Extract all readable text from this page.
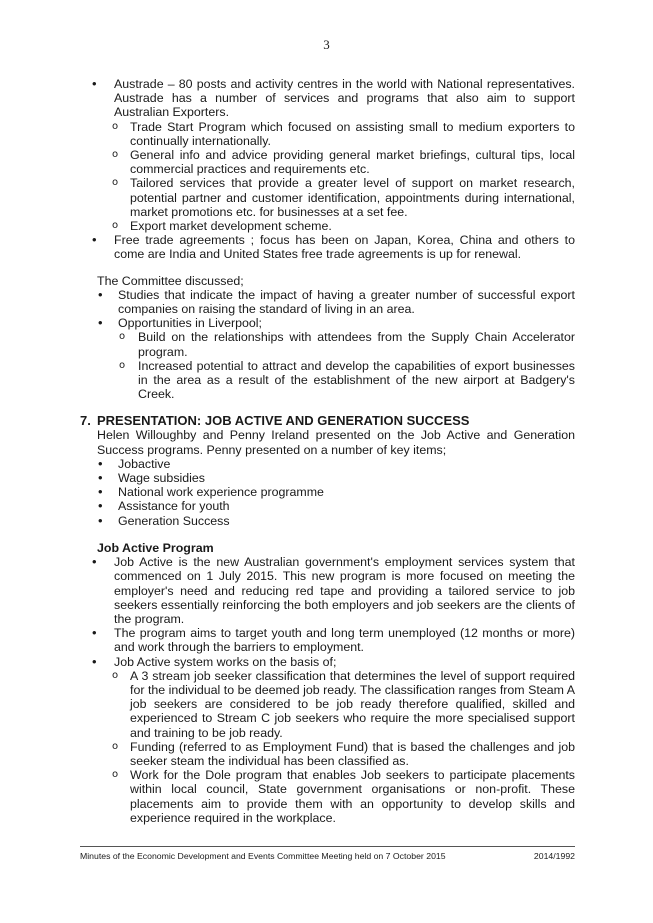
3
• Austrade – 80 posts and activity centres in the world with National representatives. Austrade has a number of services and programs that also aim to support Australian Exporters.
o Trade Start Program which focused on assisting small to medium exporters to continually internationally.
o General info and advice providing general market briefings, cultural tips, local commercial practices and requirements etc.
o Tailored services that provide a greater level of support on market research, potential partner and customer identification, appointments during international, market promotions etc. for businesses at a set fee.
o Export market development scheme.
• Free trade agreements ; focus has been on Japan, Korea, China and others to come are India and United States free trade agreements is up for renewal.
The Committee discussed;
• Studies that indicate the impact of having a greater number of successful export companies on raising the standard of living in an area.
• Opportunities in Liverpool;
o Build on the relationships with attendees from the Supply Chain Accelerator program.
o Increased potential to attract and develop the capabilities of export businesses in the area as a result of the establishment of the new airport at Badgery's Creek.
7. PRESENTATION: JOB ACTIVE AND GENERATION SUCCESS
Helen Willoughby and Penny Ireland presented on the Job Active and Generation Success programs. Penny presented on a number of key items;
• Jobactive
• Wage subsidies
• National work experience programme
• Assistance for youth
• Generation Success
Job Active Program
• Job Active is the new Australian government's employment services system that commenced on 1 July 2015. This new program is more focused on meeting the employer's need and reducing red tape and providing a tailored service to job seekers essentially reinforcing the both employers and job seekers are the clients of the program.
• The program aims to target youth and long term unemployed (12 months or more) and work through the barriers to employment.
• Job Active system works on the basis of;
o A 3 stream job seeker classification that determines the level of support required for the individual to be deemed job ready. The classification ranges from Steam A job seekers are considered to be job ready therefore qualified, skilled and experienced to Stream C job seekers who require the more specialised support and training to be job ready.
o Funding (referred to as Employment Fund) that is based the challenges and job seeker steam the individual has been classified as.
o Work for the Dole program that enables Job seekers to participate placements within local council, State government organisations or non-profit. These placements aim to provide them with an opportunity to develop skills and experience required in the workplace.
Minutes of the Economic Development and Events Committee Meeting held on 7 October 2015	2014/1992
